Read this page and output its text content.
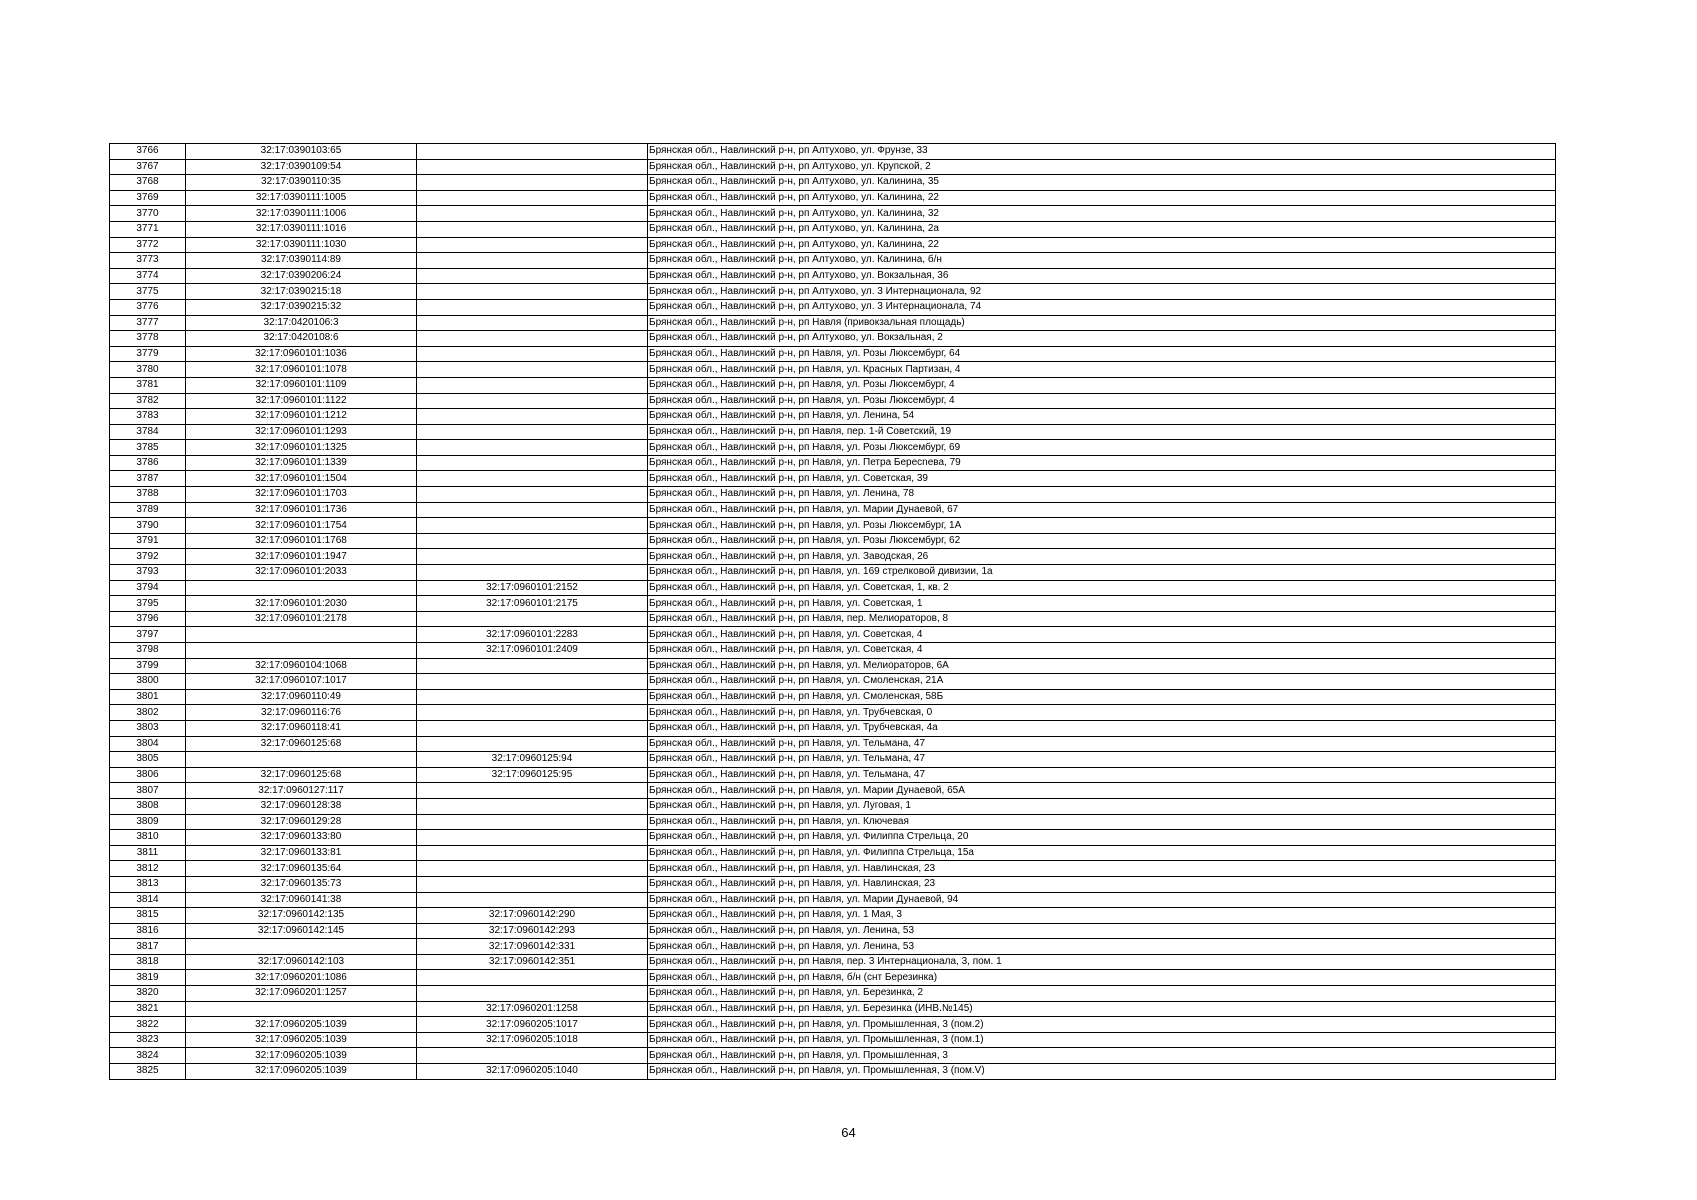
3766	32:17:0390103:65		Брянская обл., Навлинский р-н, рп Алтухово, ул. Фрунзе, 33
3767	32:17:0390109:54		Брянская обл., Навлинский р-н, рп Алтухово, ул. Крупской, 2
3768	32:17:0390110:35		Брянская обл., Навлинский р-н, рп Алтухово, ул. Калинина, 35
3769	32:17:0390111:1005		Брянская обл., Навлинский р-н, рп Алтухово, ул. Калинина, 22
3770	32:17:0390111:1006		Брянская обл., Навлинский р-н, рп Алтухово, ул. Калинина, 32
3771	32:17:0390111:1016		Брянская обл., Навлинский р-н, рп Алтухово, ул. Калинина, 2а
3772	32:17:0390111:1030		Брянская обл., Навлинский р-н, рп Алтухово, ул. Калинина, 22
3773	32:17:0390114:89		Брянская обл., Навлинский р-н, рп Алтухово, ул. Калинина, б/н
3774	32:17:0390206:24		Брянская обл., Навлинский р-н, рп Алтухово, ул. Вокзальная, 36
3775	32:17:0390215:18		Брянская обл., Навлинский р-н, рп Алтухово, ул. 3 Интернационала, 92
3776	32:17:0390215:32		Брянская обл., Навлинский р-н, рп Алтухово, ул. 3 Интернационала, 74
3777	32:17:0420106:3		Брянская обл., Навлинский р-н, рп Навля (привокзальная площадь)
3778	32:17:0420108:6		Брянская обл., Навлинский р-н, рп Алтухово, ул. Вокзальная, 2
3779	32:17:0960101:1036		Брянская обл., Навлинский р-н, рп Навля, ул. Розы Люксембург, 64
3780	32:17:0960101:1078		Брянская обл., Навлинский р-н, рп Навля, ул. Красных Партизан, 4
3781	32:17:0960101:1109		Брянская обл., Навлинский р-н, рп Навля, ул. Розы Люксембург, 4
3782	32:17:0960101:1122		Брянская обл., Навлинский р-н, рп Навля, ул. Розы Люксембург, 4
3783	32:17:0960101:1212		Брянская обл., Навлинский р-н, рп Навля, ул. Ленина, 54
3784	32:17:0960101:1293		Брянская обл., Навлинский р-н, рп Навля, пер. 1-й Советский, 19
3785	32:17:0960101:1325		Брянская обл., Навлинский р-н, рп Навля, ул. Розы Люксембург, 69
3786	32:17:0960101:1339		Брянская обл., Навлинский р-н, рп Навля, ул. Петра Бересnева, 79
3787	32:17:0960101:1504		Брянская обл., Навлинский р-н, рп Навля, ул. Советская, 39
3788	32:17:0960101:1703		Брянская обл., Навлинский р-н, рп Навля, ул. Ленина, 78
3789	32:17:0960101:1736		Брянская обл., Навлинский р-н, рп Навля, ул. Марии Дунаевой, 67
3790	32:17:0960101:1754		Брянская обл., Навлинский р-н, рп Навля, ул. Розы Люксембург, 1А
3791	32:17:0960101:1768		Брянская обл., Навлинский р-н, рп Навля, ул. Розы Люксембург, 62
3792	32:17:0960101:1947		Брянская обл., Навлинский р-н, рп Навля, ул. Заводская, 26
3793	32:17:0960101:2033		Брянская обл., Навлинский р-н, рп Навля, ул. 169 стрелковой дивизии, 1а
3794		32:17:0960101:2152	Брянская обл., Навлинский р-н, рп Навля, ул. Советская, 1, кв. 2
3795	32:17:0960101:2030	32:17:0960101:2175	Брянская обл., Навлинский р-н, рп Навля, ул. Советская, 1
3796	32:17:0960101:2178		Брянская обл., Навлинский р-н, рп Навля, пер. Мелиораторов, 8
3797		32:17:0960101:2283	Брянская обл., Навлинский р-н, рп Навля, ул. Советская, 4
3798		32:17:0960101:2409	Брянская обл., Навлинский р-н, рп Навля, ул. Советская, 4
3799	32:17:0960104:1068		Брянская обл., Навлинский р-н, рп Навля, ул. Мелиораторов, 6А
3800	32:17:0960107:1017		Брянская обл., Навлинский р-н, рп Навля, ул. Смоленская, 21А
3801	32:17:0960110:49		Брянская обл., Навлинский р-н, рп Навля, ул. Смоленская, 58Б
3802	32:17:0960116:76		Брянская обл., Навлинский р-н, рп Навля, ул. Трубчевская, 0
3803	32:17:0960118:41		Брянская обл., Навлинский р-н, рп Навля, ул. Трубчевская, 4а
3804	32:17:0960125:68		Брянская обл., Навлинский р-н, рп Навля, ул. Тельмана, 47
3805		32:17:0960125:94	Брянская обл., Навлинский р-н, рп Навля, ул. Тельмана, 47
3806	32:17:0960125:68	32:17:0960125:95	Брянская обл., Навлинский р-н, рп Навля, ул. Тельмана, 47
3807	32:17:0960127:117		Брянская обл., Навлинский р-н, рп Навля, ул. Марии Дунаевой, 65А
3808	32:17:0960128:38		Брянская обл., Навлинский р-н, рп Навля, ул. Луговая, 1
3809	32:17:0960129:28		Брянская обл., Навлинский р-н, рп Навля, ул. Ключевая
3810	32:17:0960133:80		Брянская обл., Навлинский р-н, рп Навля, ул. Филиппа Стрельца, 20
3811	32:17:0960133:81		Брянская обл., Навлинский р-н, рп Навля, ул. Филиппа Стрельца, 15а
3812	32:17:0960135:64		Брянская обл., Навлинский р-н, рп Навля, ул. Навлинская, 23
3813	32:17:0960135:73		Брянская обл., Навлинский р-н, рп Навля, ул. Навлинская, 23
3814	32:17:0960141:38		Брянская обл., Навлинский р-н, рп Навля, ул. Марии Дунаевой, 94
3815	32:17:0960142:135	32:17:0960142:290	Брянская обл., Навлинский р-н, рп Навля, ул. 1 Мая, 3
3816	32:17:0960142:145	32:17:0960142:293	Брянская обл., Навлинский р-н, рп Навля, ул. Ленина, 53
3817		32:17:0960142:331	Брянская обл., Навлинский р-н, рп Навля, ул. Ленина, 53
3818	32:17:0960142:103	32:17:0960142:351	Брянская обл., Навлинский р-н, рп Навля, пер. 3 Интернационала, 3, пом. 1
3819	32:17:0960201:1086		Брянская обл., Навлинский р-н, рп Навля, б/н (снт Березинка)
3820	32:17:0960201:1257		Брянская обл., Навлинский р-н, рп Навля, ул. Березинка, 2
3821		32:17:0960201:1258	Брянская обл., Навлинский р-н, рп Навля, ул. Березинка (ИНВ.№145)
3822	32:17:0960205:1039	32:17:0960205:1017	Брянская обл., Навлинский р-н, рп Навля, ул. Промышленная, 3 (пом.2)
3823	32:17:0960205:1039	32:17:0960205:1018	Брянская обл., Навлинский р-н, рп Навля, ул. Промышленная, 3 (пом.1)
3824	32:17:0960205:1039		Брянская обл., Навлинский р-н, рп Навля, ул. Промышленная, 3
3825	32:17:0960205:1039	32:17:0960205:1040	Брянская обл., Навлинский р-н, рп Навля, ул. Промышленная, 3 (пом.V)
64
